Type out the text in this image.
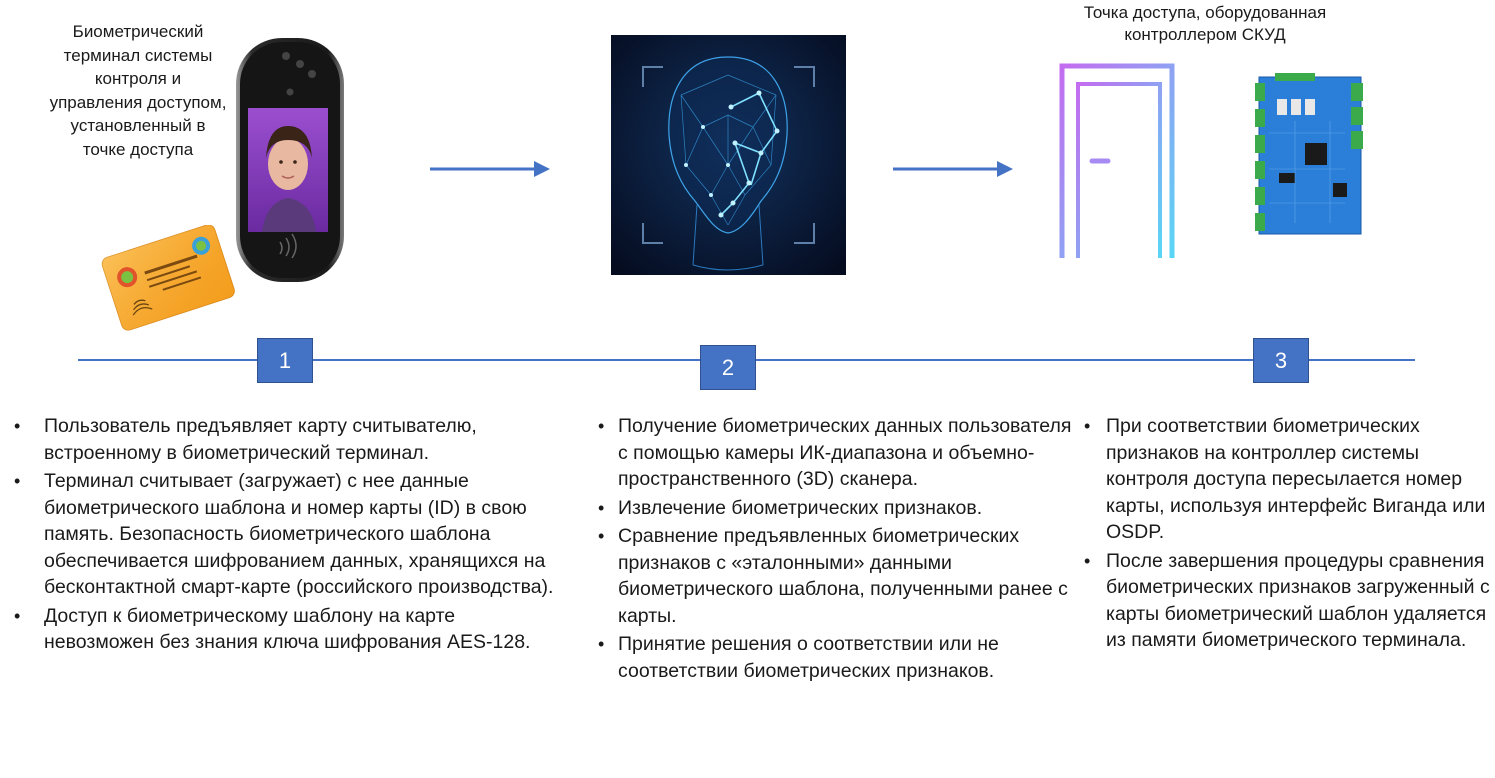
Биометрический терминал системы контроля и управления доступом, установленный в точке доступа
Точка доступа, оборудованная контроллером СКУД
1	2	3
• Пользователь предъявляет карту считывателю, встроенному в биометрический терминал.
• Терминал считывает (загружает) с нее данные биометрического шаблона и номер карты (ID) в свою память. Безопасность биометрического шаблона обеспечивается шифрованием данных, хранящихся на бесконтактной смарт-карте (российского производства).
• Доступ к биометрическому шаблону на карте невозможен без знания ключа шифрования AES-128.
• Получение биометрических данных пользователя с помощью камеры ИК-диапазона и объемно-пространственного (3D) сканера.
• Извлечение биометрических признаков.
• Сравнение предъявленных биометрических признаков с «эталонными» данными биометрического шаблона, полученными ранее с карты.
• Принятие решения о соответствии или не соответствии биометрических признаков.
• При соответствии биометрических признаков на контроллер системы контроля доступа пересылается номер карты, используя интерфейс Виганда или OSDP.
• После завершения процедуры сравнения биометрических признаков загруженный с карты биометрический шаблон удаляется из памяти биометрического терминала.
